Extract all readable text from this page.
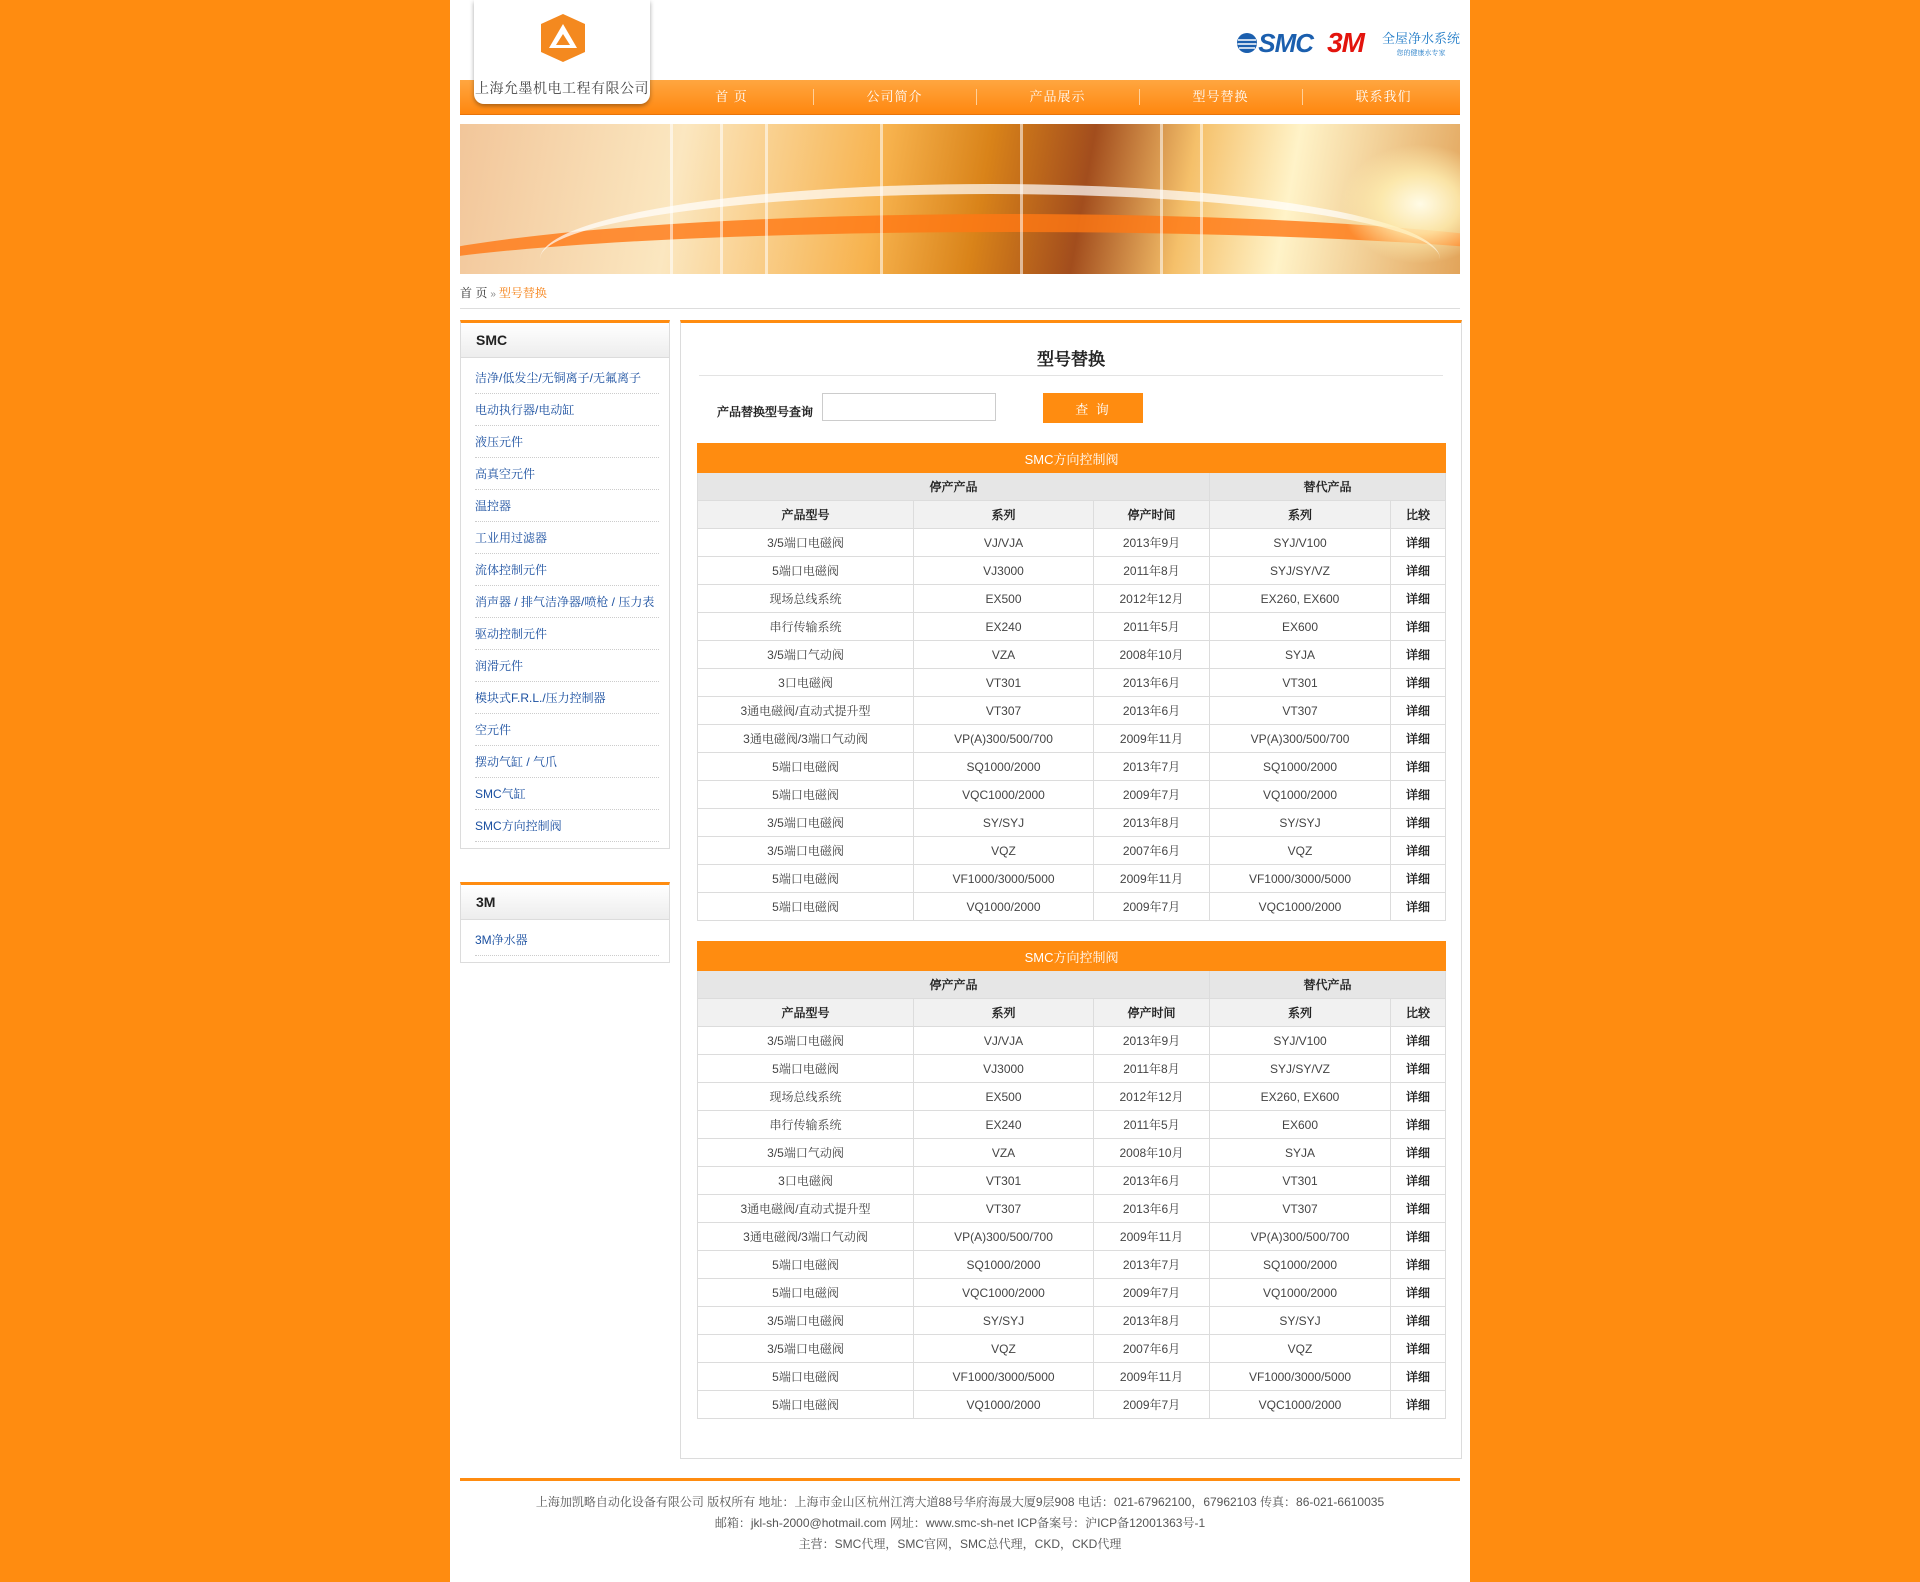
上海允墨机电工程有限公司
SMC 3M 全屋净水系统
您的健康水专家
首 页	公司简介	产品展示	型号替换	联系我们
首 页 » 型号替换
SMC
洁净/低发尘/无铜离子/无氟离子
电动执行器/电动缸
液压元件
高真空元件
温控器
工业用过滤器
流体控制元件
消声器 / 排气洁净器/喷枪 / 压力表
驱动控制元件
润滑元件
模块式F.R.L./压力控制器
空元件
摆动气缸 / 气爪
SMC气缸
SMC方向控制阀
3M
3M净水器
型号替换
产品替换型号查询	查 询
SMC方向控制阀				
停产产品			替代产品	
产品型号	系列	停产时间	系列	比较
3/5端口电磁阀	VJ/VJA	2013年9月	SYJ/V100	详细
5端口电磁阀	VJ3000	2011年8月	SYJ/SY/VZ	详细
现场总线系统	EX500	2012年12月	EX260, EX600	详细
串行传输系统	EX240	2011年5月	EX600	详细
3/5端口气动阀	VZA	2008年10月	SYJA	详细
3口电磁阀	VT301	2013年6月	VT301	详细
3通电磁阀/直动式提升型	VT307	2013年6月	VT307	详细
3通电磁阀/3端口气动阀	VP(A)300/500/700	2009年11月	VP(A)300/500/700	详细
5端口电磁阀	SQ1000/2000	2013年7月	SQ1000/2000	详细
5端口电磁阀	VQC1000/2000	2009年7月	VQ1000/2000	详细
3/5端口电磁阀	SY/SYJ	2013年8月	SY/SYJ	详细
3/5端口电磁阀	VQZ	2007年6月	VQZ	详细
5端口电磁阀	VF1000/3000/5000	2009年11月	VF1000/3000/5000	详细
5端口电磁阀	VQ1000/2000	2009年7月	VQC1000/2000	详细
SMC方向控制阀				
停产产品			替代产品	
产品型号	系列	停产时间	系列	比较
3/5端口电磁阀	VJ/VJA	2013年9月	SYJ/V100	详细
5端口电磁阀	VJ3000	2011年8月	SYJ/SY/VZ	详细
现场总线系统	EX500	2012年12月	EX260, EX600	详细
串行传输系统	EX240	2011年5月	EX600	详细
3/5端口气动阀	VZA	2008年10月	SYJA	详细
3口电磁阀	VT301	2013年6月	VT301	详细
3通电磁阀/直动式提升型	VT307	2013年6月	VT307	详细
3通电磁阀/3端口气动阀	VP(A)300/500/700	2009年11月	VP(A)300/500/700	详细
5端口电磁阀	SQ1000/2000	2013年7月	SQ1000/2000	详细
5端口电磁阀	VQC1000/2000	2009年7月	VQ1000/2000	详细
3/5端口电磁阀	SY/SYJ	2013年8月	SY/SYJ	详细
3/5端口电磁阀	VQZ	2007年6月	VQZ	详细
5端口电磁阀	VF1000/3000/5000	2009年11月	VF1000/3000/5000	详细
5端口电磁阀	VQ1000/2000	2009年7月	VQC1000/2000	详细
上海加凯略自动化设备有限公司 版权所有 地址：上海市金山区杭州江湾大道88号华府海晟大厦9层908 电话：021-67962100，67962103 传真：86-021-6610035
邮箱：jkl-sh-2000@hotmail.com 网址：www.smc-sh-net ICP备案号：沪ICP备12001363号-1
主营：SMC代理，SMC官网，SMC总代理，CKD，CKD代理
